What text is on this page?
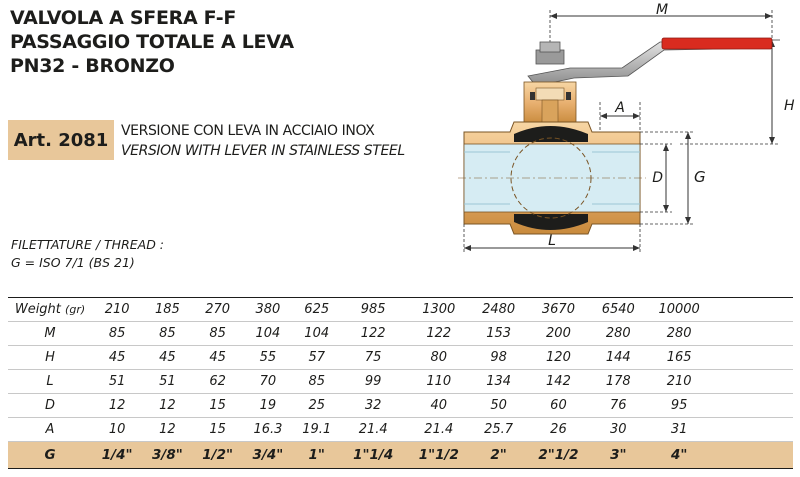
VALVOLA A SFERA F-F
PASSAGGIO TOTALE A LEVA
PN32 - BRONZO
Art. 2081 VERSIONE CON LEVA IN ACCIAIO INOX
VERSION WITH LEVER IN STAINLESS STEEL
FILETTATURE / THREAD :
G = ISO 7/1 (BS 21)
M
H
A
D G
L
Weight (gr)	210	185	270	380	625	985	1300	2480	3670	6540	10000	
M	85	85	85	104	104	122	122	153	200	280	280	
H	45	45	45	55	57	75	80	98	120	144	165	
L	51	51	62	70	85	99	110	134	142	178	210	
D	12	12	15	19	25	32	40	50	60	76	95	
A	10	12	15	16.3	19.1	21.4	21.4	25.7	26	30	31	
G	1/4"	3/8"	1/2"	3/4"	1"	1"1/4	1"1/2	2"	2"1/2	3"	4"	
